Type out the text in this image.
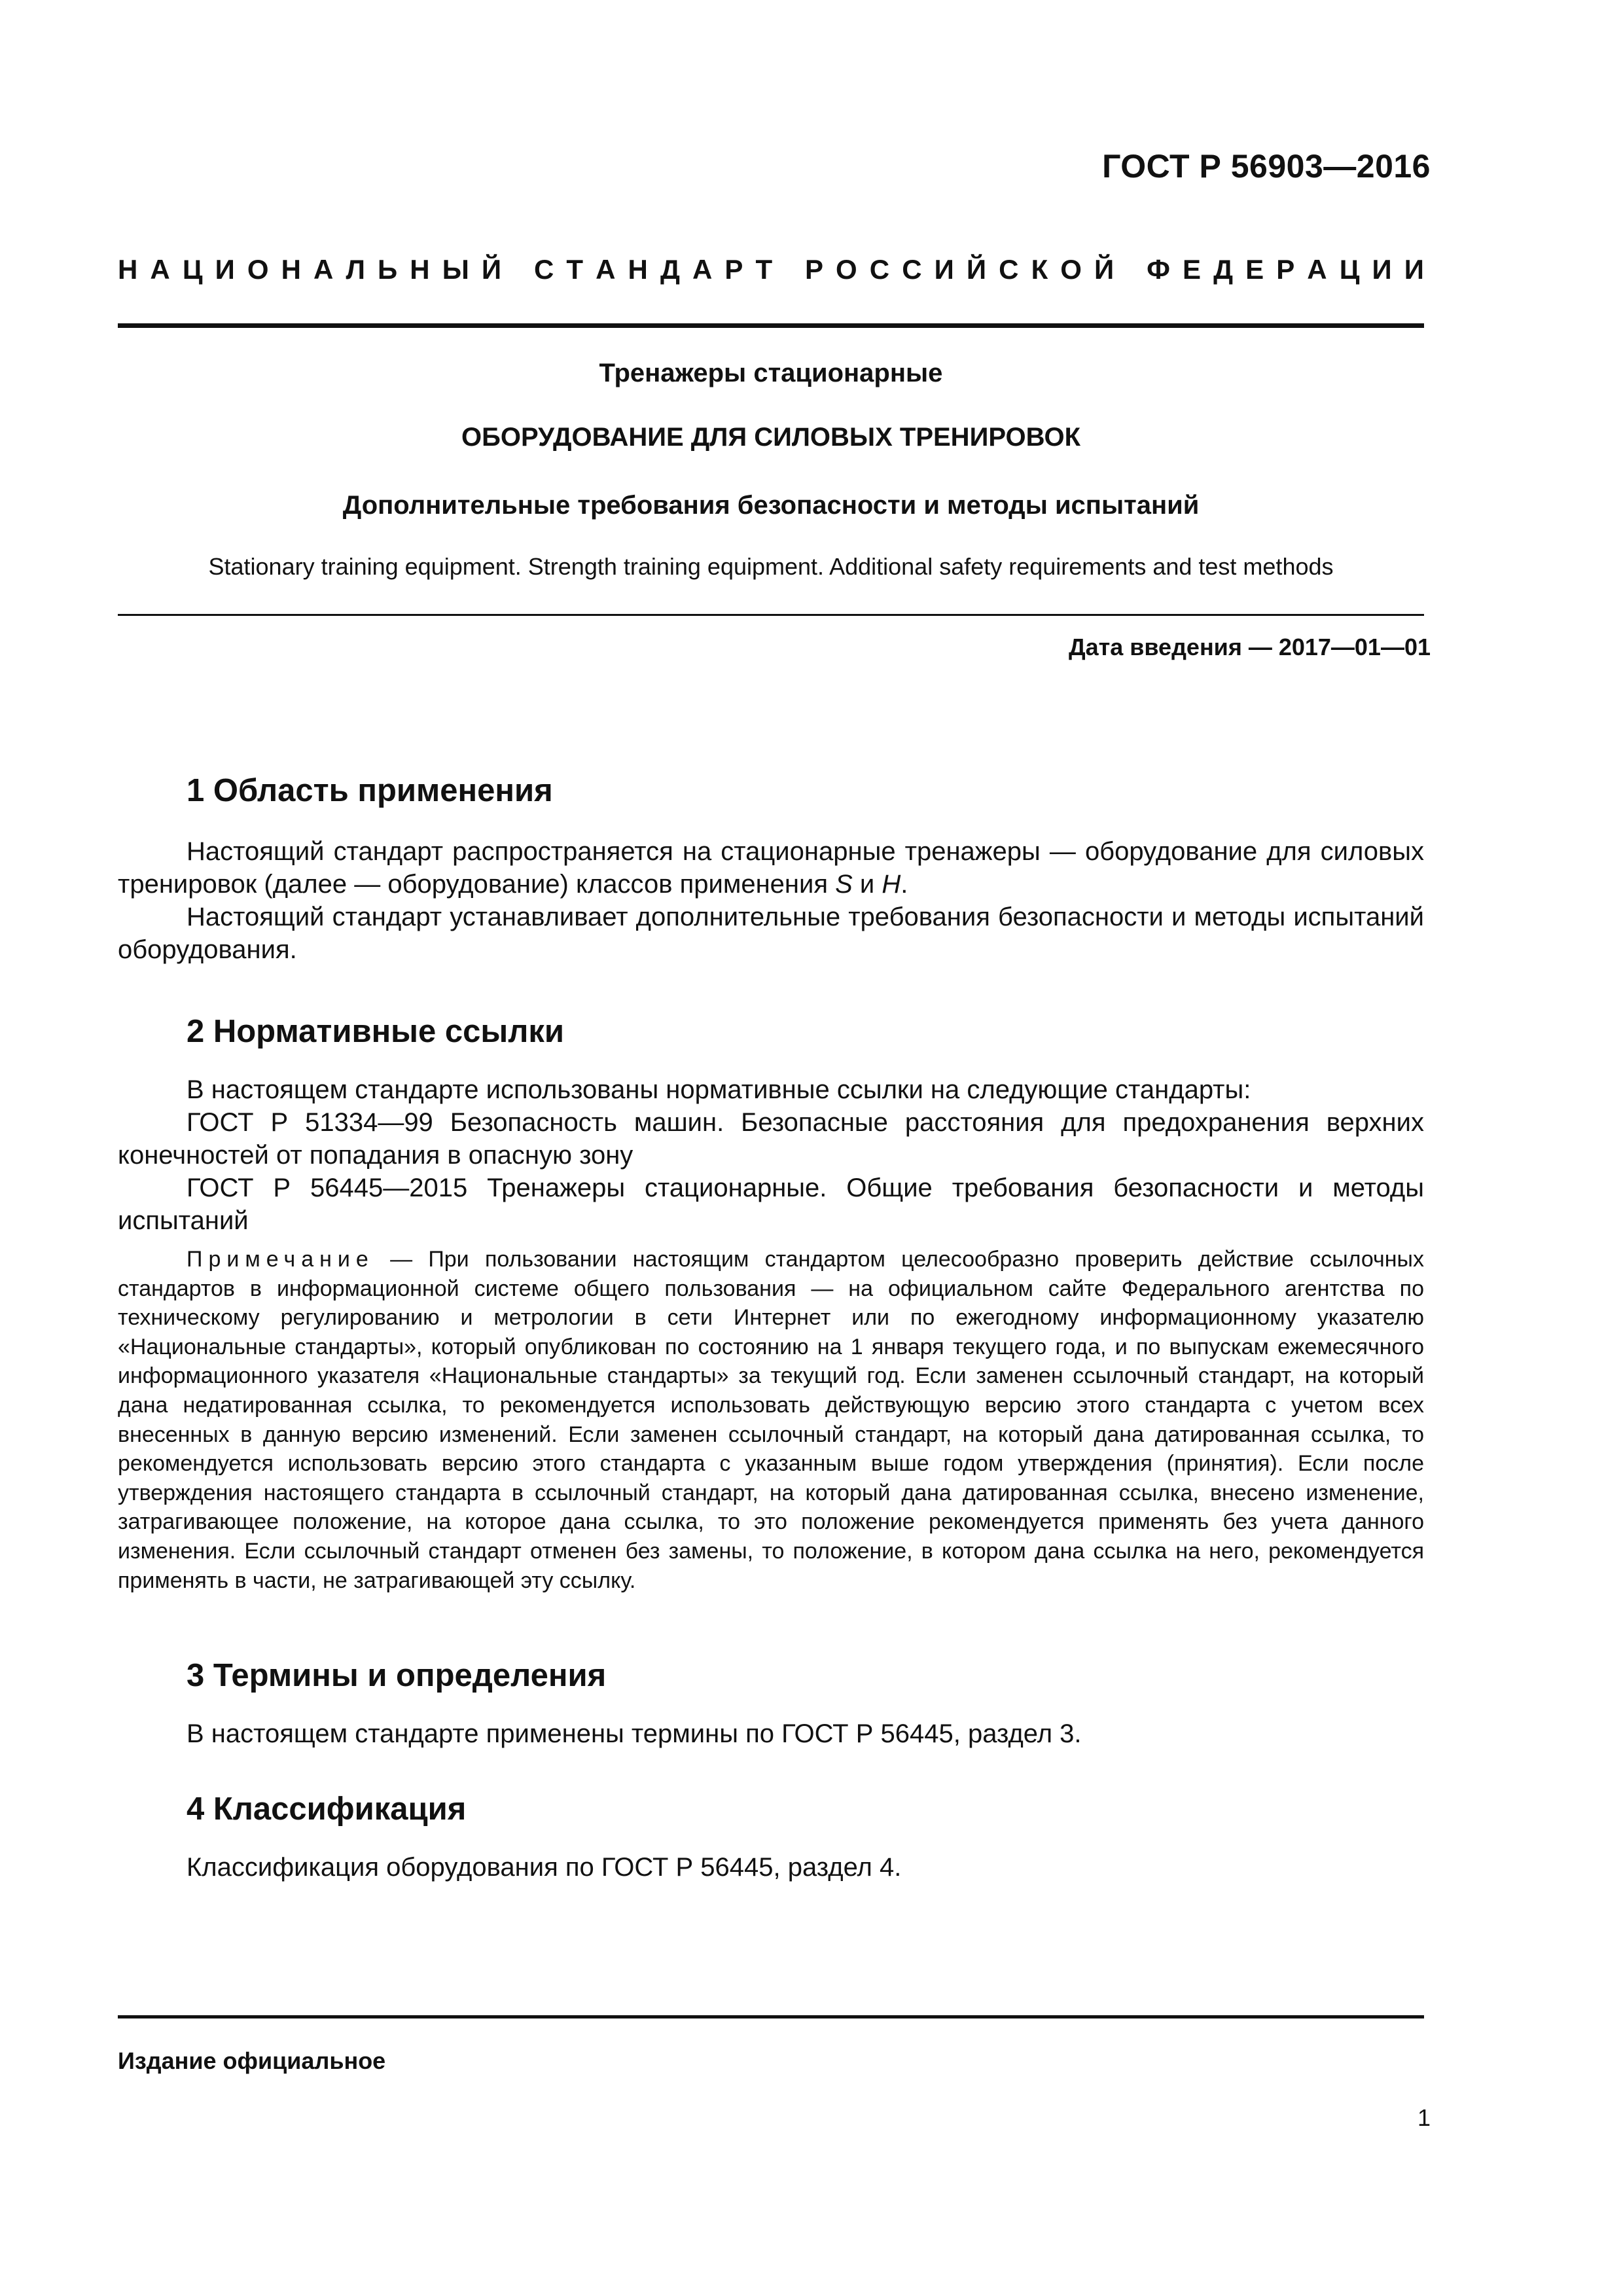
ГОСТ Р 56903—2016
Н А Ц И О Н А Л Ь Н Ы Й
С Т А Н Д А Р Т
Р О С С И Й С К О Й
Ф Е Д Е Р А Ц И И
Тренажеры стационарные
ОБОРУДОВАНИЕ ДЛЯ СИЛОВЫХ ТРЕНИРОВОК
Дополнительные требования безопасности и методы испытаний
Stationary training equipment. Strength training equipment. Additional safety requirements and test methods
Дата введения — 2017—01—01
1 Область применения
Настоящий стандарт распространяется на стационарные тренажеры — оборудование для силовых тренировок (далее — оборудование) классов применения S и H.
Настоящий стандарт устанавливает дополнительные требования безопасности и методы испытаний оборудования.
2 Нормативные ссылки
В настоящем стандарте использованы нормативные ссылки на следующие стандарты:
ГОСТ Р 51334—99 Безопасность машин. Безопасные расстояния для предохранения верхних конечностей от попадания в опасную зону
ГОСТ Р 56445—2015 Тренажеры стационарные. Общие требования безопасности и методы испытаний
Примечание — При пользовании настоящим стандартом целесообразно проверить действие ссылочных стандартов в информационной системе общего пользования — на официальном сайте Федерального агентства по техническому регулированию и метрологии в сети Интернет или по ежегодному информационному указателю «Национальные стандарты», который опубликован по состоянию на 1 января текущего года, и по выпускам ежемесячного информационного указателя «Национальные стандарты» за текущий год. Если заменен ссылочный стандарт, на который дана недатированная ссылка, то рекомендуется использовать действующую версию этого стандарта с учетом всех внесенных в данную версию изменений. Если заменен ссылочный стандарт, на который дана датированная ссылка, то рекомендуется использовать версию этого стандарта с указанным выше годом утверждения (принятия). Если после утверждения настоящего стандарта в ссылочный стандарт, на который дана датированная ссылка, внесено изменение, затрагивающее положение, на которое дана ссылка, то это положение рекомендуется применять без учета данного изменения. Если ссылочный стандарт отменен без замены, то положение, в котором дана ссылка на него, рекомендуется применять в части, не затрагивающей эту ссылку.
3 Термины и определения
В настоящем стандарте применены термины по ГОСТ Р 56445, раздел 3.
4 Классификация
Классификация оборудования по ГОСТ Р 56445, раздел 4.
Издание официальное
1
